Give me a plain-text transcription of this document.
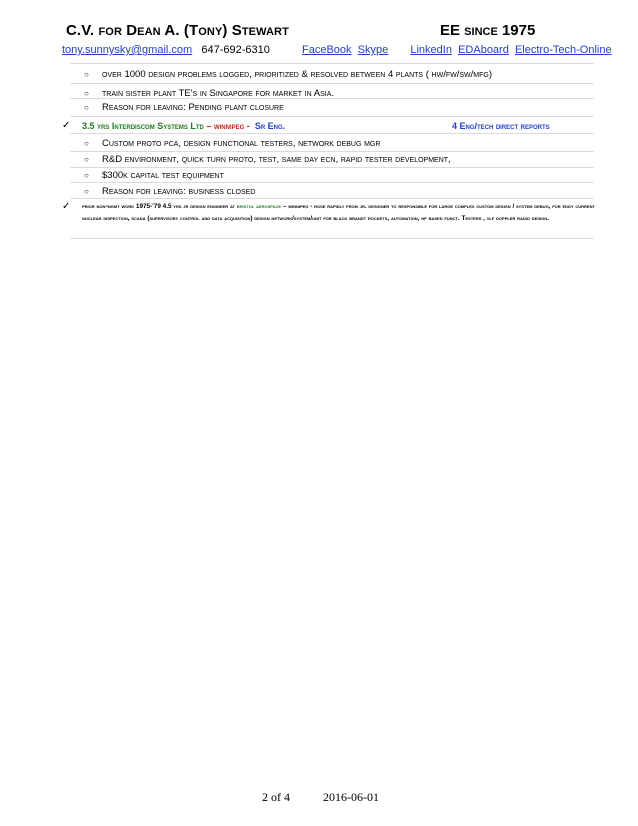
C.V. for Dean A. (Tony) Stewart	EE since 1975
tony.sunnysky@gmail.com 647-692-6310	FaceBook Skype LinkedIn EDAboard Electro-Tech-Online
○ over 1000 design problems logged, prioritized & resolved between 4 plants ( hw/fw/sw/mfg)
○ train sister plant TE's in Singapore for market in Asia.
○ Reason for leaving: Pending plant closure
✓ 3.5 yrs Interdiscom Systems Ltd – winnipeg - Sr Eng.	4 Eng/tech direct reports
○ Custom proto pca, design functional testers, network debug mgr
○ R&D environment, quick turn proto, test, same day ecn, rapid tester development,
○ $300k capital test equipment
○ Reason for leaving: business closed
✓ prior non-mgmt work 1975-'79 4.5 yrs jr design engineer at bristol aerospace – winnipeg - rose rapidly from jr. designer to responsible for large complex custom design / system debug, for eddy current nuclear inspection, scada (supervisory control and data acquisition) design network/system/unit for black brandt rockets, automation, hp based funct. Testers , vlf doppler radio design.
2 of 4	2016-06-01
